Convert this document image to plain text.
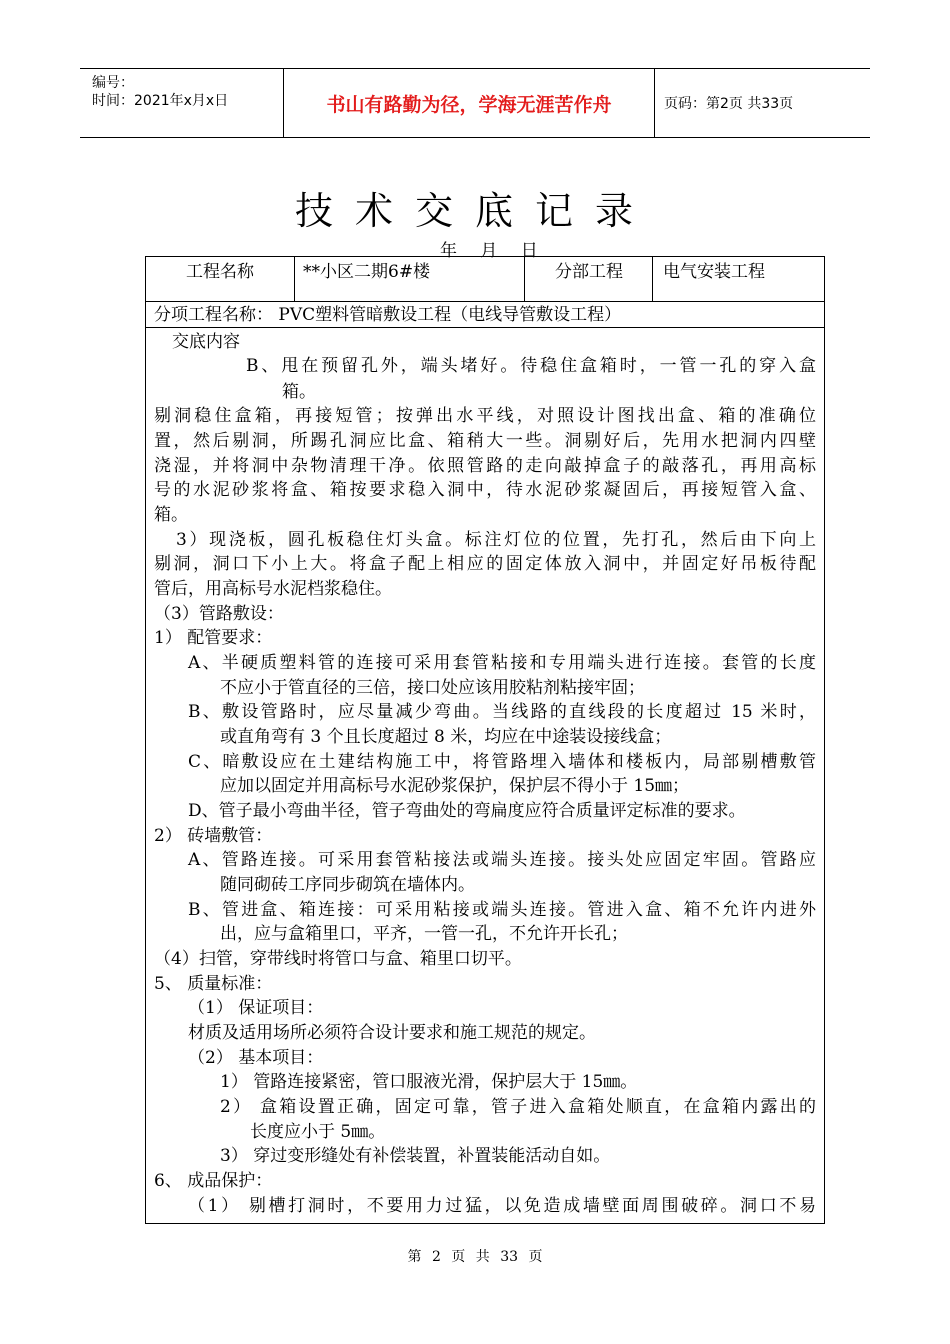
编号：
时间：2021年x月x日	书山有路勤为径，学海无涯苦作舟	页码：第2页 共33页
技术交底记录
年 月 日
工程名称	**小区二期6#楼	分部工程	电气安装工程
分项工程名称： PVC塑料管暗敷设工程（电线导管敷设工程）
交底内容
B、甩在预留孔外，端头堵好。待稳住盒箱时，一管一孔的穿入盒
箱。
剔洞稳住盒箱，再接短管；按弹出水平线，对照设计图找出盒、箱的准确位
置，然后剔洞，所踢孔洞应比盒、箱稍大一些。洞剔好后，先用水把洞内四壁
浇湿，并将洞中杂物清理干净。依照管路的走向敲掉盒子的敲落孔，再用高标
号的水泥砂浆将盒、箱按要求稳入洞中，待水泥砂浆凝固后，再接短管入盒、
箱。
3）现浇板，圆孔板稳住灯头盒。标注灯位的位置，先打孔，然后由下向上
剔洞，洞口下小上大。将盒子配上相应的固定体放入洞中，并固定好吊板待配
管后，用高标号水泥档浆稳住。
（3）管路敷设：
1） 配管要求：
A、半硬质塑料管的连接可采用套管粘接和专用端头进行连接。套管的长度
不应小于管直径的三倍，接口处应该用胶粘剂粘接牢固；
B、敷设管路时，应尽量减少弯曲。当线路的直线段的长度超过 15 米时，
或直角弯有 3 个且长度超过 8 米，均应在中途装设接线盒；
C、暗敷设应在土建结构施工中，将管路埋入墙体和楼板内，局部剔槽敷管
应加以固定并用高标号水泥砂浆保护，保护层不得小于 15㎜；
D、管子最小弯曲半径，管子弯曲处的弯扁度应符合质量评定标准的要求。
2） 砖墙敷管：
A、管路连接。可采用套管粘接法或端头连接。接头处应固定牢固。管路应
随同砌砖工序同步砌筑在墙体内。
B、管进盒、箱连接：可采用粘接或端头连接。管进入盒、箱不允许内进外
出，应与盒箱里口，平齐，一管一孔，不允许开长孔；
（4）扫管，穿带线时将管口与盒、箱里口切平。
5、 质量标准：
（1） 保证项目：
材质及适用场所必须符合设计要求和施工规范的规定。
（2） 基本项目：
1） 管路连接紧密，管口服液光滑，保护层大于 15㎜。
2） 盒箱设置正确，固定可靠，管子进入盒箱处顺直，在盒箱内露出的
长度应小于 5㎜。
3） 穿过变形缝处有补偿装置，补置装能活动自如。
6、 成品保护：
（1） 剔槽打洞时，不要用力过猛，以免造成墙壁面周围破碎。洞口不易
第 2 页 共 33 页
